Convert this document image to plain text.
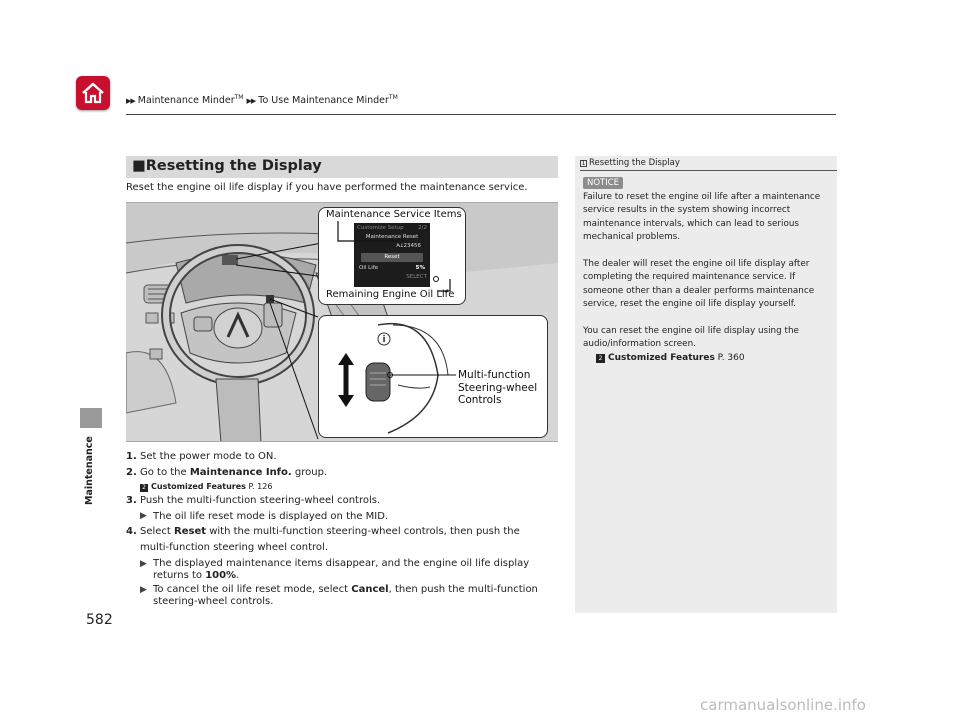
▶▶ Maintenance Minder™ ▶▶ To Use Maintenance Minder™
Maintenance
582
■Resetting the Display
Reset the engine oil life display if you have performed the maintenance service.
Maintenance Service Items
Customize Setup	2/2
Maintenance Reset
A123456
Reset
Oil Life	5%
SELECT
Remaining Engine Oil Life
i
Multi-function
Steering-wheel
Controls
1. Set the power mode to ON.
2. Go to the Maintenance Info. group.
2 Customized Features P. 126
3. Push the multi-function steering-wheel controls.
▶ The oil life reset mode is displayed on the MID.
4. Select Reset with the multi-function steering-wheel controls, then push the
multi-function steering wheel control.
▶ The displayed maintenance items disappear, and the engine oil life display
returns to 100%.
▶ To cancel the oil life reset mode, select Cancel, then push the multi-function
steering-wheel controls.
1 Resetting the Display
NOTICE
Failure to reset the engine oil life after a maintenance
service results in the system showing incorrect
maintenance intervals, which can lead to serious
mechanical problems.
The dealer will reset the engine oil life display after
completing the required maintenance service. If
someone other than a dealer performs maintenance
service, reset the engine oil life display yourself.
You can reset the engine oil life display using the
audio/information screen.
2 Customized Features P. 360
carmanualsonline.info
